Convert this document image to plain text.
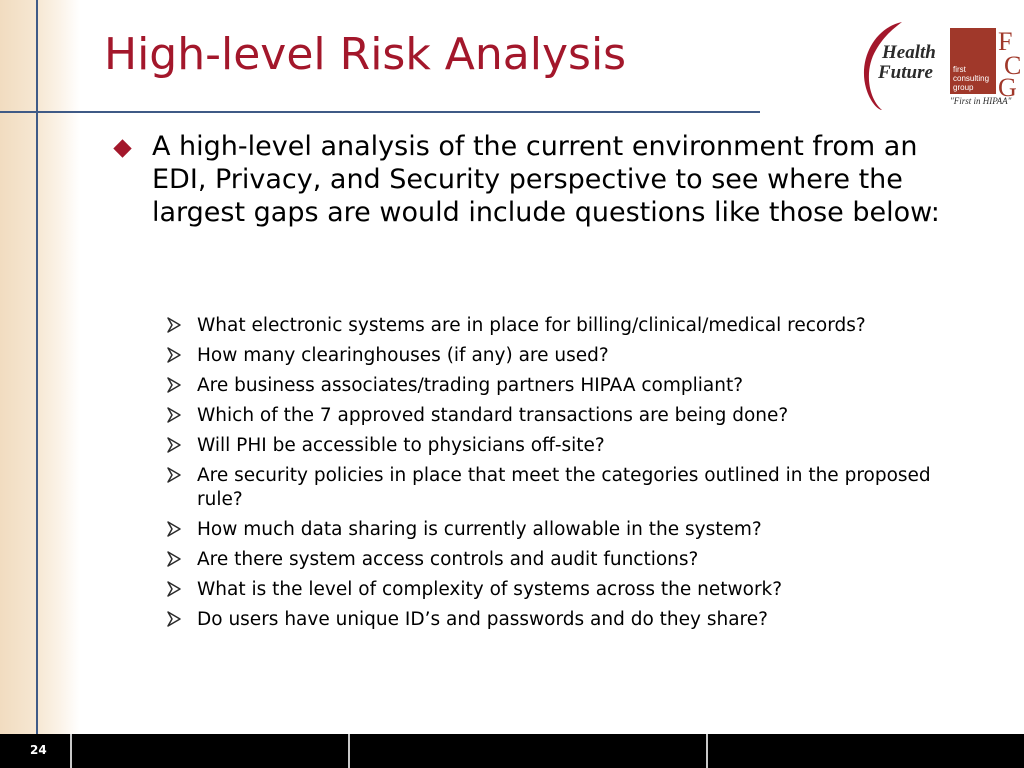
High-level Risk Analysis	Health
Future	first
consulting
group
F
C
G
"First in HIPAA"

A high-level analysis of the current environment from an EDI, Privacy, and Security perspective to see where the largest gaps are would include questions like those below:

What electronic systems are in place for billing/clinical/medical records?
How many clearinghouses (if any) are used?
Are business associates/trading partners HIPAA compliant?
Which of the 7 approved standard transactions are being done?
Will PHI be accessible to physicians off-site?
Are security policies in place that meet the categories outlined in the proposed rule?
How much data sharing is currently allowable in the system?
Are there system access controls and audit functions?
What is the level of complexity of systems across the network?
Do users have unique ID’s and passwords and do they share?
24
